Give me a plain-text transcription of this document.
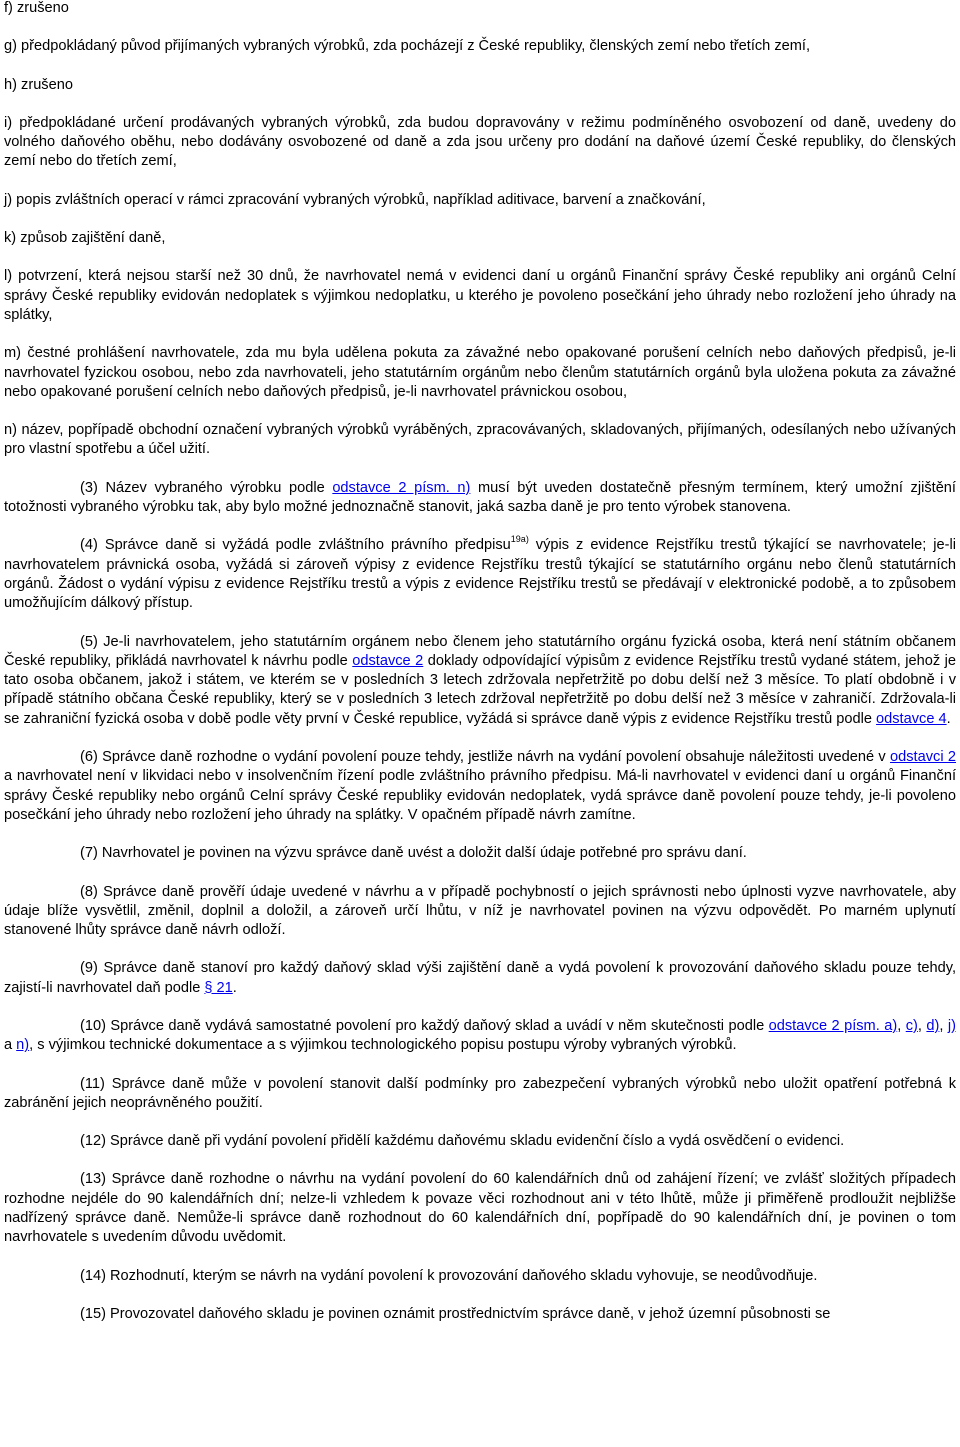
f) zrušeno

g) předpokládaný původ přijímaných vybraných výrobků, zda pocházejí z České republiky, členských zemí nebo třetích zemí,

h) zrušeno

i) předpokládané určení prodávaných vybraných výrobků, zda budou dopravovány v režimu podmíněného osvobození od daně, uvedeny do volného daňového oběhu, nebo dodávány osvobozené od daně a zda jsou určeny pro dodání na daňové území České republiky, do členských zemí nebo do třetích zemí,

j) popis zvláštních operací v rámci zpracování vybraných výrobků, například aditivace, barvení a značkování,

k) způsob zajištění daně,

l) potvrzení, která nejsou starší než 30 dnů, že navrhovatel nemá v evidenci daní u orgánů Finanční správy České republiky ani orgánů Celní správy České republiky evidován nedoplatek s výjimkou nedoplatku, u kterého je povoleno posečkání jeho úhrady nebo rozložení jeho úhrady na splátky,

m) čestné prohlášení navrhovatele, zda mu byla udělena pokuta za závažné nebo opakované porušení celních nebo daňových předpisů, je-li navrhovatel fyzickou osobou, nebo zda navrhovateli, jeho statutárním orgánům nebo členům statutárních orgánů byla uložena pokuta za závažné nebo opakované porušení celních nebo daňových předpisů, je-li navrhovatel právnickou osobou,

n) název, popřípadě obchodní označení vybraných výrobků vyráběných, zpracovávaných, skladovaných, přijímaných, odesílaných nebo užívaných pro vlastní spotřebu a účel užití.

(3) Název vybraného výrobku podle odstavce 2 písm. n) musí být uveden dostatečně přesným termínem, který umožní zjištění totožnosti vybraného výrobku tak, aby bylo možné jednoznačně stanovit, jaká sazba daně je pro tento výrobek stanovena.

(4) Správce daně si vyžádá podle zvláštního právního předpisu$^{19a)}$ výpis z evidence Rejstříku trestů týkající se navrhovatele; je-li navrhovatelem právnická osoba, vyžádá si zároveň výpisy z evidence Rejstříku trestů týkající se statutárního orgánu nebo členů statutárních orgánů. Žádost o vydání výpisu z evidence Rejstříku trestů a výpis z evidence Rejstříku trestů se předávají v elektronické podobě, a to způsobem umožňujícím dálkový přístup.

(5) Je-li navrhovatelem, jeho statutárním orgánem nebo členem jeho statutárního orgánu fyzická osoba, která není státním občanem České republiky, přikládá navrhovatel k návrhu podle odstavce 2 doklady odpovídající výpisům z evidence Rejstříku trestů vydané státem, jehož je tato osoba občanem, jakož i státem, ve kterém se v posledních 3 letech zdržovala nepřetržitě po dobu delší než 3 měsíce. To platí obdobně i v případě státního občana České republiky, který se v posledních 3 letech zdržoval nepřetržitě po dobu delší než 3 měsíce v zahraničí. Zdržovala-li se zahraniční fyzická osoba v době podle věty první v České republice, vyžádá si správce daně výpis z evidence Rejstříku trestů podle odstavce 4.

(6) Správce daně rozhodne o vydání povolení pouze tehdy, jestliže návrh na vydání povolení obsahuje náležitosti uvedené v odstavci 2 a navrhovatel není v likvidaci nebo v insolvenčním řízení podle zvláštního právního předpisu. Má-li navrhovatel v evidenci daní u orgánů Finanční správy České republiky nebo orgánů Celní správy České republiky evidován nedoplatek, vydá správce daně povolení pouze tehdy, je-li povoleno posečkání jeho úhrady nebo rozložení jeho úhrady na splátky. V opačném případě návrh zamítne.

(7) Navrhovatel je povinen na výzvu správce daně uvést a doložit další údaje potřebné pro správu daní.

(8) Správce daně prověří údaje uvedené v návrhu a v případě pochybností o jejich správnosti nebo úplnosti vyzve navrhovatele, aby údaje blíže vysvětlil, změnil, doplnil a doložil, a zároveň určí lhůtu, v níž je navrhovatel povinen na výzvu odpovědět. Po marném uplynutí stanovené lhůty správce daně návrh odloží.

(9) Správce daně stanoví pro každý daňový sklad výši zajištění daně a vydá povolení k provozování daňového skladu pouze tehdy, zajistí-li navrhovatel daň podle § 21.

(10) Správce daně vydává samostatné povolení pro každý daňový sklad a uvádí v něm skutečnosti podle odstavce 2 písm. a), c), d), j) a n), s výjimkou technické dokumentace a s výjimkou technologického popisu postupu výroby vybraných výrobků.

(11) Správce daně může v povolení stanovit další podmínky pro zabezpečení vybraných výrobků nebo uložit opatření potřebná k zabránění jejich neoprávněného použití.

(12) Správce daně při vydání povolení přidělí každému daňovému skladu evidenční číslo a vydá osvědčení o evidenci.

(13) Správce daně rozhodne o návrhu na vydání povolení do 60 kalendářních dnů od zahájení řízení; ve zvlášť složitých případech rozhodne nejdéle do 90 kalendářních dní; nelze-li vzhledem k povaze věci rozhodnout ani v této lhůtě, může ji přiměřeně prodloužit nejbližše nadřízený správce daně. Nemůže-li správce daně rozhodnout do 60 kalendářních dní, popřípadě do 90 kalendářních dní, je povinen o tom navrhovatele s uvedením důvodu uvědomit.

(14) Rozhodnutí, kterým se návrh na vydání povolení k provozování daňového skladu vyhovuje, se neodůvodňuje.

(15) Provozovatel daňového skladu je povinen oznámit prostřednictvím správce daně, v jehož územní působnosti se
